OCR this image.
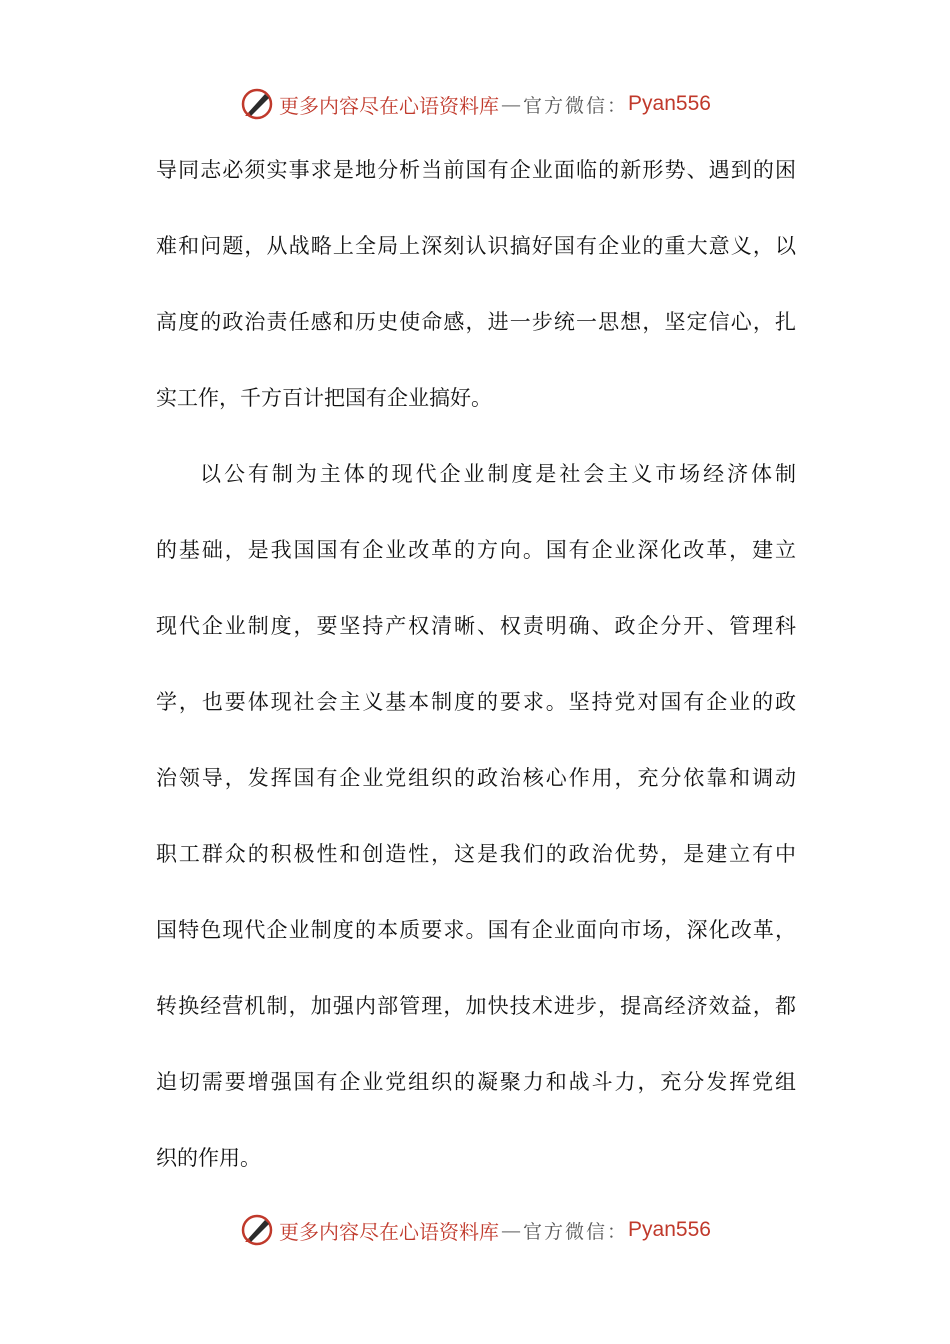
更多内容尽在心语资料库 — 官方微信： Pyan556
导同志必须实事求是地分析当前国有企业面临的新形势、遇到的困
难和问题，从战略上全局上深刻认识搞好国有企业的重大意义，以
高度的政治责任感和历史使命感，进一步统一思想，坚定信心，扎
实工作，千方百计把国有企业搞好。
以公有制为主体的现代企业制度是社会主义市场经济体制
的基础，是我国国有企业改革的方向。国有企业深化改革，建立
现代企业制度，要坚持产权清晰、权责明确、政企分开、管理科
学，也要体现社会主义基本制度的要求。坚持党对国有企业的政
治领导，发挥国有企业党组织的政治核心作用，充分依靠和调动
职工群众的积极性和创造性，这是我们的政治优势，是建立有中
国特色现代企业制度的本质要求。国有企业面向市场，深化改革，
转换经营机制，加强内部管理，加快技术进步，提高经济效益，都
迫切需要增强国有企业党组织的凝聚力和战斗力，充分发挥党组
织的作用。
更多内容尽在心语资料库 — 官方微信： Pyan556
